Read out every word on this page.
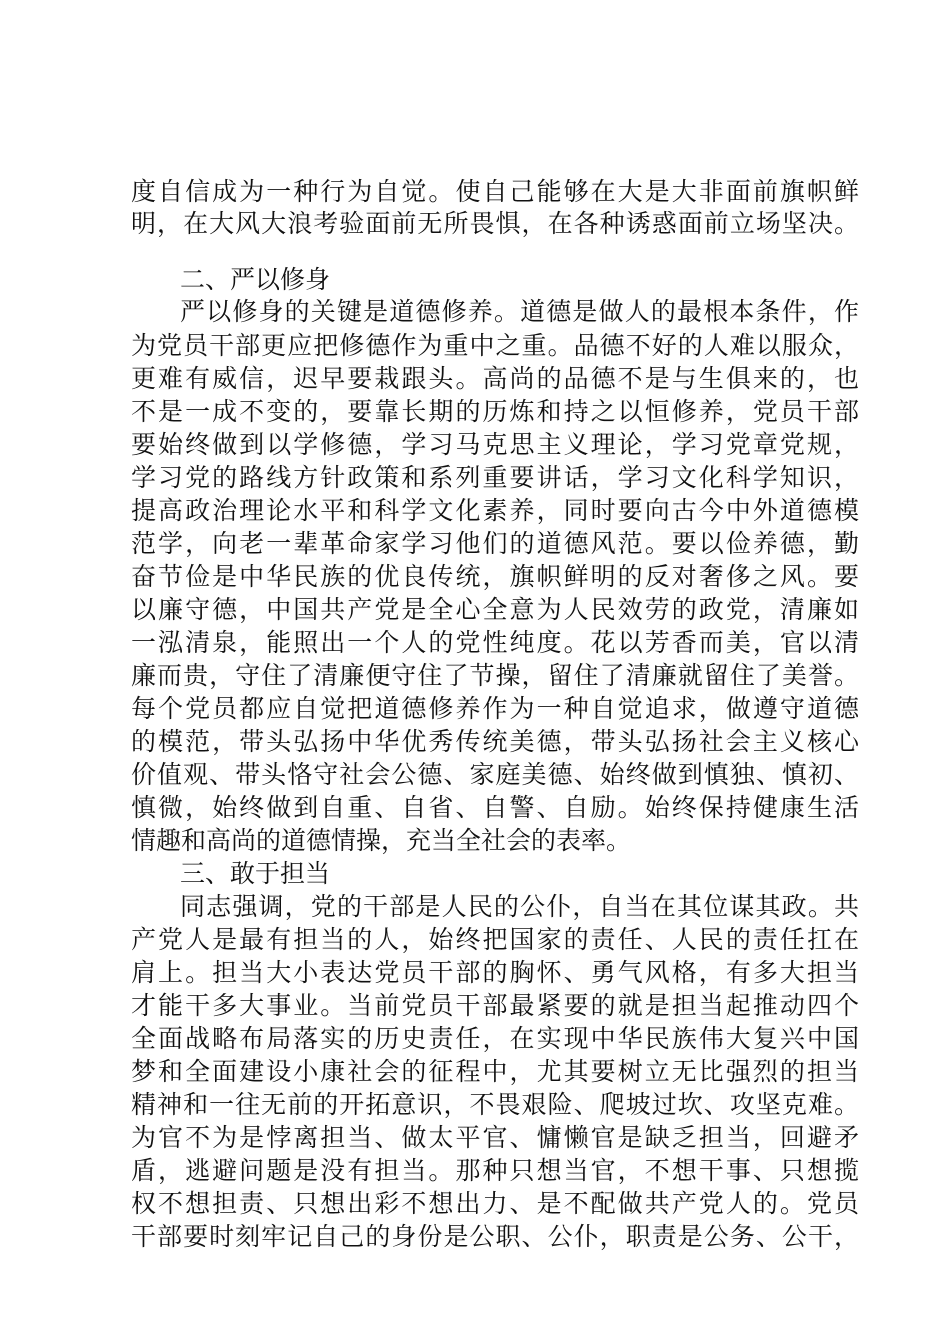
度自信成为一种行为自觉。使自己能够在大是大非面前旗帜鲜
明，在大风大浪考验面前无所畏惧，在各种诱惑面前立场坚决。
二、严以修身
严以修身的关键是道德修养。道德是做人的最根本条件，作
为党员干部更应把修德作为重中之重。品德不好的人难以服众，
更难有威信，迟早要栽跟头。高尚的品德不是与生俱来的，也
不是一成不变的，要靠长期的历炼和持之以恒修养，党员干部
要始终做到以学修德，学习马克思主义理论，学习党章党规，
学习党的路线方针政策和系列重要讲话，学习文化科学知识，
提高政治理论水平和科学文化素养，同时要向古今中外道德模
范学，向老一辈革命家学习他们的道德风范。要以俭养德，勤
奋节俭是中华民族的优良传统，旗帜鲜明的反对奢侈之风。要
以廉守德，中国共产党是全心全意为人民效劳的政党，清廉如
一泓清泉，能照出一个人的党性纯度。花以芳香而美，官以清
廉而贵，守住了清廉便守住了节操，留住了清廉就留住了美誉。
每个党员都应自觉把道德修养作为一种自觉追求，做遵守道德
的模范，带头弘扬中华优秀传统美德，带头弘扬社会主义核心
价值观、带头恪守社会公德、家庭美德、始终做到慎独、慎初、
慎微，始终做到自重、自省、自警、自励。始终保持健康生活
情趣和高尚的道德情操，充当全社会的表率。
三、敢于担当
同志强调，党的干部是人民的公仆，自当在其位谋其政。共
产党人是最有担当的人，始终把国家的责任、人民的责任扛在
肩上。担当大小表达党员干部的胸怀、勇气风格，有多大担当
才能干多大事业。当前党员干部最紧要的就是担当起推动四个
全面战略布局落实的历史责任，在实现中华民族伟大复兴中国
梦和全面建设小康社会的征程中，尤其要树立无比强烈的担当
精神和一往无前的开拓意识，不畏艰险、爬坡过坎、攻坚克难。
为官不为是悖离担当、做太平官、慵懒官是缺乏担当，回避矛
盾，逃避问题是没有担当。那种只想当官，不想干事、只想揽
权不想担责、只想出彩不想出力、是不配做共产党人的。党员
干部要时刻牢记自己的身份是公职、公仆，职责是公务、公干，
